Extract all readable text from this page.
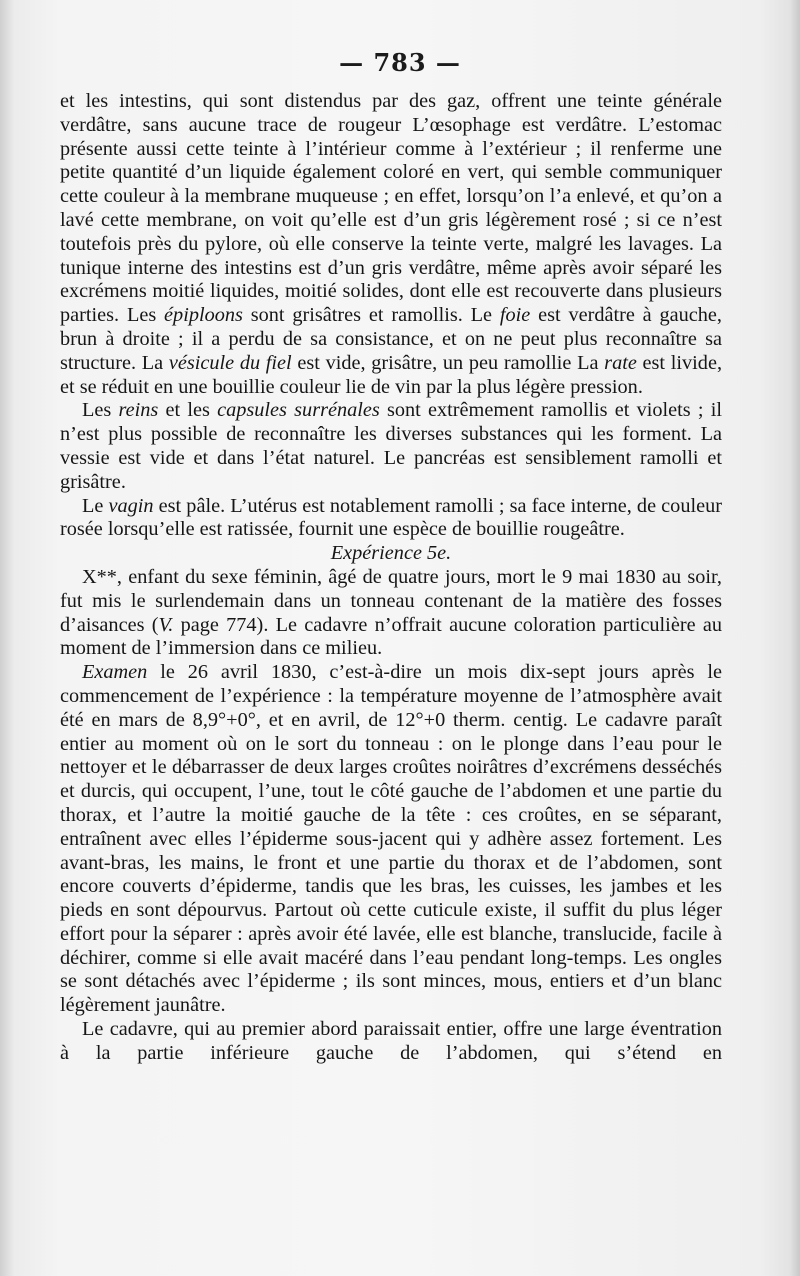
— 783 —

et les intestins, qui sont distendus par des gaz, offrent une teinte générale verdâtre, sans aucune trace de rougeur L’œsophage est verdâtre. L’estomac présente aussi cette teinte à l’intérieur comme à l’extérieur ; il renferme une petite quantité d’un liquide également coloré en vert, qui semble communiquer cette couleur à la membrane muqueuse ; en effet, lorsqu’on l’a enlevé, et qu’on a lavé cette membrane, on voit qu’elle est d’un gris légèrement rosé ; si ce n’est toutefois près du pylore, où elle conserve la teinte verte, malgré les lavages. La tunique interne des intestins est d’un gris verdâtre, même après avoir séparé les excrémens moitié liquides, moitié solides, dont elle est recouverte dans plusieurs parties. Les épiploons sont grisâtres et ramollis. Le foie est verdâtre à gauche, brun à droite ; il a perdu de sa consistance, et on ne peut plus reconnaître sa structure. La vésicule du fiel est vide, grisâtre, un peu ramollie La rate est livide, et se réduit en une bouillie couleur lie de vin par la plus légère pression.

Les reins et les capsules surrénales sont extrêmement ramollis et violets ; il n’est plus possible de reconnaître les diverses substances qui les forment. La vessie est vide et dans l’état naturel. Le pancréas est sensiblement ramolli et grisâtre.

Le vagin est pâle. L’utérus est notablement ramolli ; sa face interne, de couleur rosée lorsqu’elle est ratissée, fournit une espèce de bouillie rougeâtre.

Expérience 5e.

X**, enfant du sexe féminin, âgé de quatre jours, mort le 9 mai 1830 au soir, fut mis le surlendemain dans un tonneau contenant de la matière des fosses d’aisances (V. page 774). Le cadavre n’offrait aucune coloration particulière au moment de l’immersion dans ce milieu.

Examen le 26 avril 1830, c’est-à-dire un mois dix-sept jours après le commencement de l’expérience : la température moyenne de l’atmosphère avait été en mars de 8,9°+0°, et en avril, de 12°+0 therm. centig. Le cadavre paraît entier au moment où on le sort du tonneau : on le plonge dans l’eau pour le nettoyer et le débarrasser de deux larges croûtes noirâtres d’excrémens desséchés et durcis, qui occupent, l’une, tout le côté gauche de l’abdomen et une partie du thorax, et l’autre la moitié gauche de la tête : ces croûtes, en se séparant, entraînent avec elles l’épiderme sous-jacent qui y adhère assez fortement. Les avant-bras, les mains, le front et une partie du thorax et de l’abdomen, sont encore couverts d’épiderme, tandis que les bras, les cuisses, les jambes et les pieds en sont dépourvus. Partout où cette cuticule existe, il suffit du plus léger effort pour la séparer : après avoir été lavée, elle est blanche, translucide, facile à déchirer, comme si elle avait macéré dans l’eau pendant long-temps. Les ongles se sont détachés avec l’épiderme ; ils sont minces, mous, entiers et d’un blanc légèrement jaunâtre.

Le cadavre, qui au premier abord paraissait entier, offre une large éventration à la partie inférieure gauche de l’abdomen, qui s’étend en
